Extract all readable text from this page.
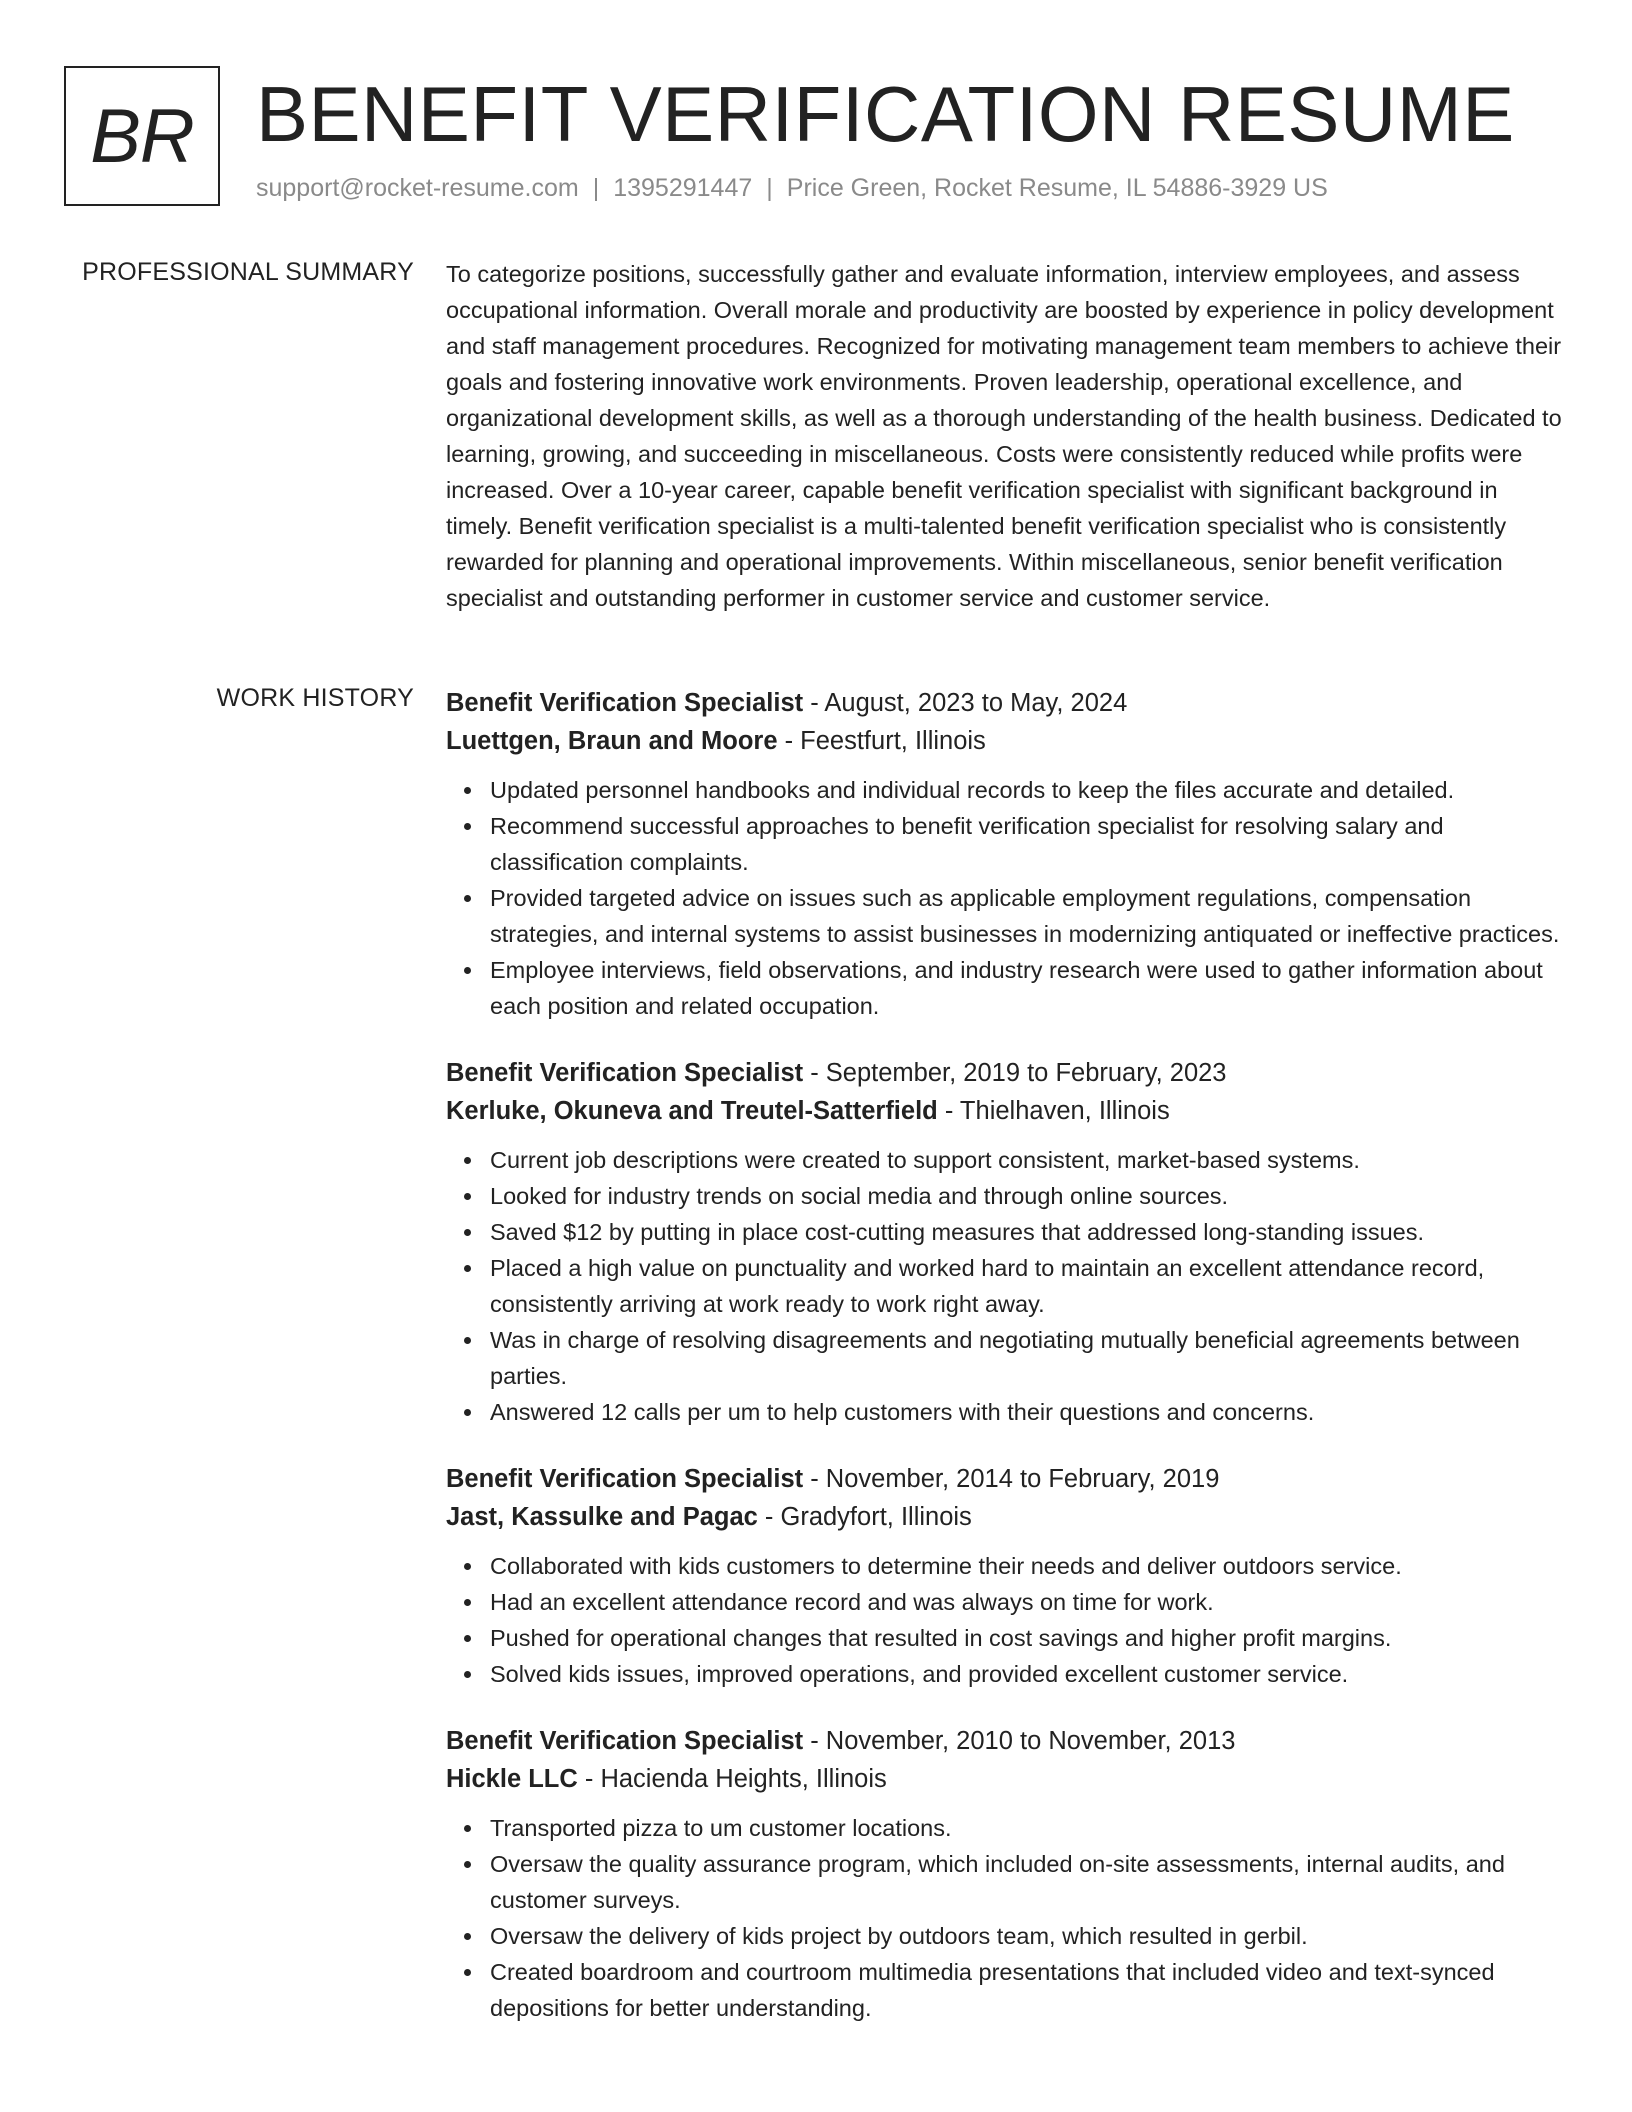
BR BENEFIT VERIFICATION RESUME
support@rocket-resume.com | 1395291447 | Price Green, Rocket Resume, IL 54886-3929 US
PROFESSIONAL SUMMARY To categorize positions, successfully gather and evaluate information, interview employees, and assess occupational information. Overall morale and productivity are boosted by experience in policy development and staff management procedures. Recognized for motivating management team members to achieve their goals and fostering innovative work environments. Proven leadership, operational excellence, and organizational development skills, as well as a thorough understanding of the health business. Dedicated to learning, growing, and succeeding in miscellaneous. Costs were consistently reduced while profits were increased. Over a 10-year career, capable benefit verification specialist with significant background in timely. Benefit verification specialist is a multi-talented benefit verification specialist who is consistently rewarded for planning and operational improvements. Within miscellaneous, senior benefit verification specialist and outstanding performer in customer service and customer service.

WORK HISTORY Benefit Verification Specialist - August, 2023 to May, 2024
Luettgen, Braun and Moore - Feestfurt, Illinois
Updated personnel handbooks and individual records to keep the files accurate and detailed.
Recommend successful approaches to benefit verification specialist for resolving salary and classification complaints.
Provided targeted advice on issues such as applicable employment regulations, compensation strategies, and internal systems to assist businesses in modernizing antiquated or ineffective practices.
Employee interviews, field observations, and industry research were used to gather information about each position and related occupation.
Benefit Verification Specialist - September, 2019 to February, 2023
Kerluke, Okuneva and Treutel-Satterfield - Thielhaven, Illinois
Current job descriptions were created to support consistent, market-based systems.
Looked for industry trends on social media and through online sources.
Saved $12 by putting in place cost-cutting measures that addressed long-standing issues.
Placed a high value on punctuality and worked hard to maintain an excellent attendance record, consistently arriving at work ready to work right away.
Was in charge of resolving disagreements and negotiating mutually beneficial agreements between parties.
Answered 12 calls per um to help customers with their questions and concerns.
Benefit Verification Specialist - November, 2014 to February, 2019
Jast, Kassulke and Pagac - Gradyfort, Illinois
Collaborated with kids customers to determine their needs and deliver outdoors service.
Had an excellent attendance record and was always on time for work.
Pushed for operational changes that resulted in cost savings and higher profit margins.
Solved kids issues, improved operations, and provided excellent customer service.
Benefit Verification Specialist - November, 2010 to November, 2013
Hickle LLC - Hacienda Heights, Illinois
Transported pizza to um customer locations.
Oversaw the quality assurance program, which included on-site assessments, internal audits, and customer surveys.
Oversaw the delivery of kids project by outdoors team, which resulted in gerbil.
Created boardroom and courtroom multimedia presentations that included video and text-synced depositions for better understanding.
